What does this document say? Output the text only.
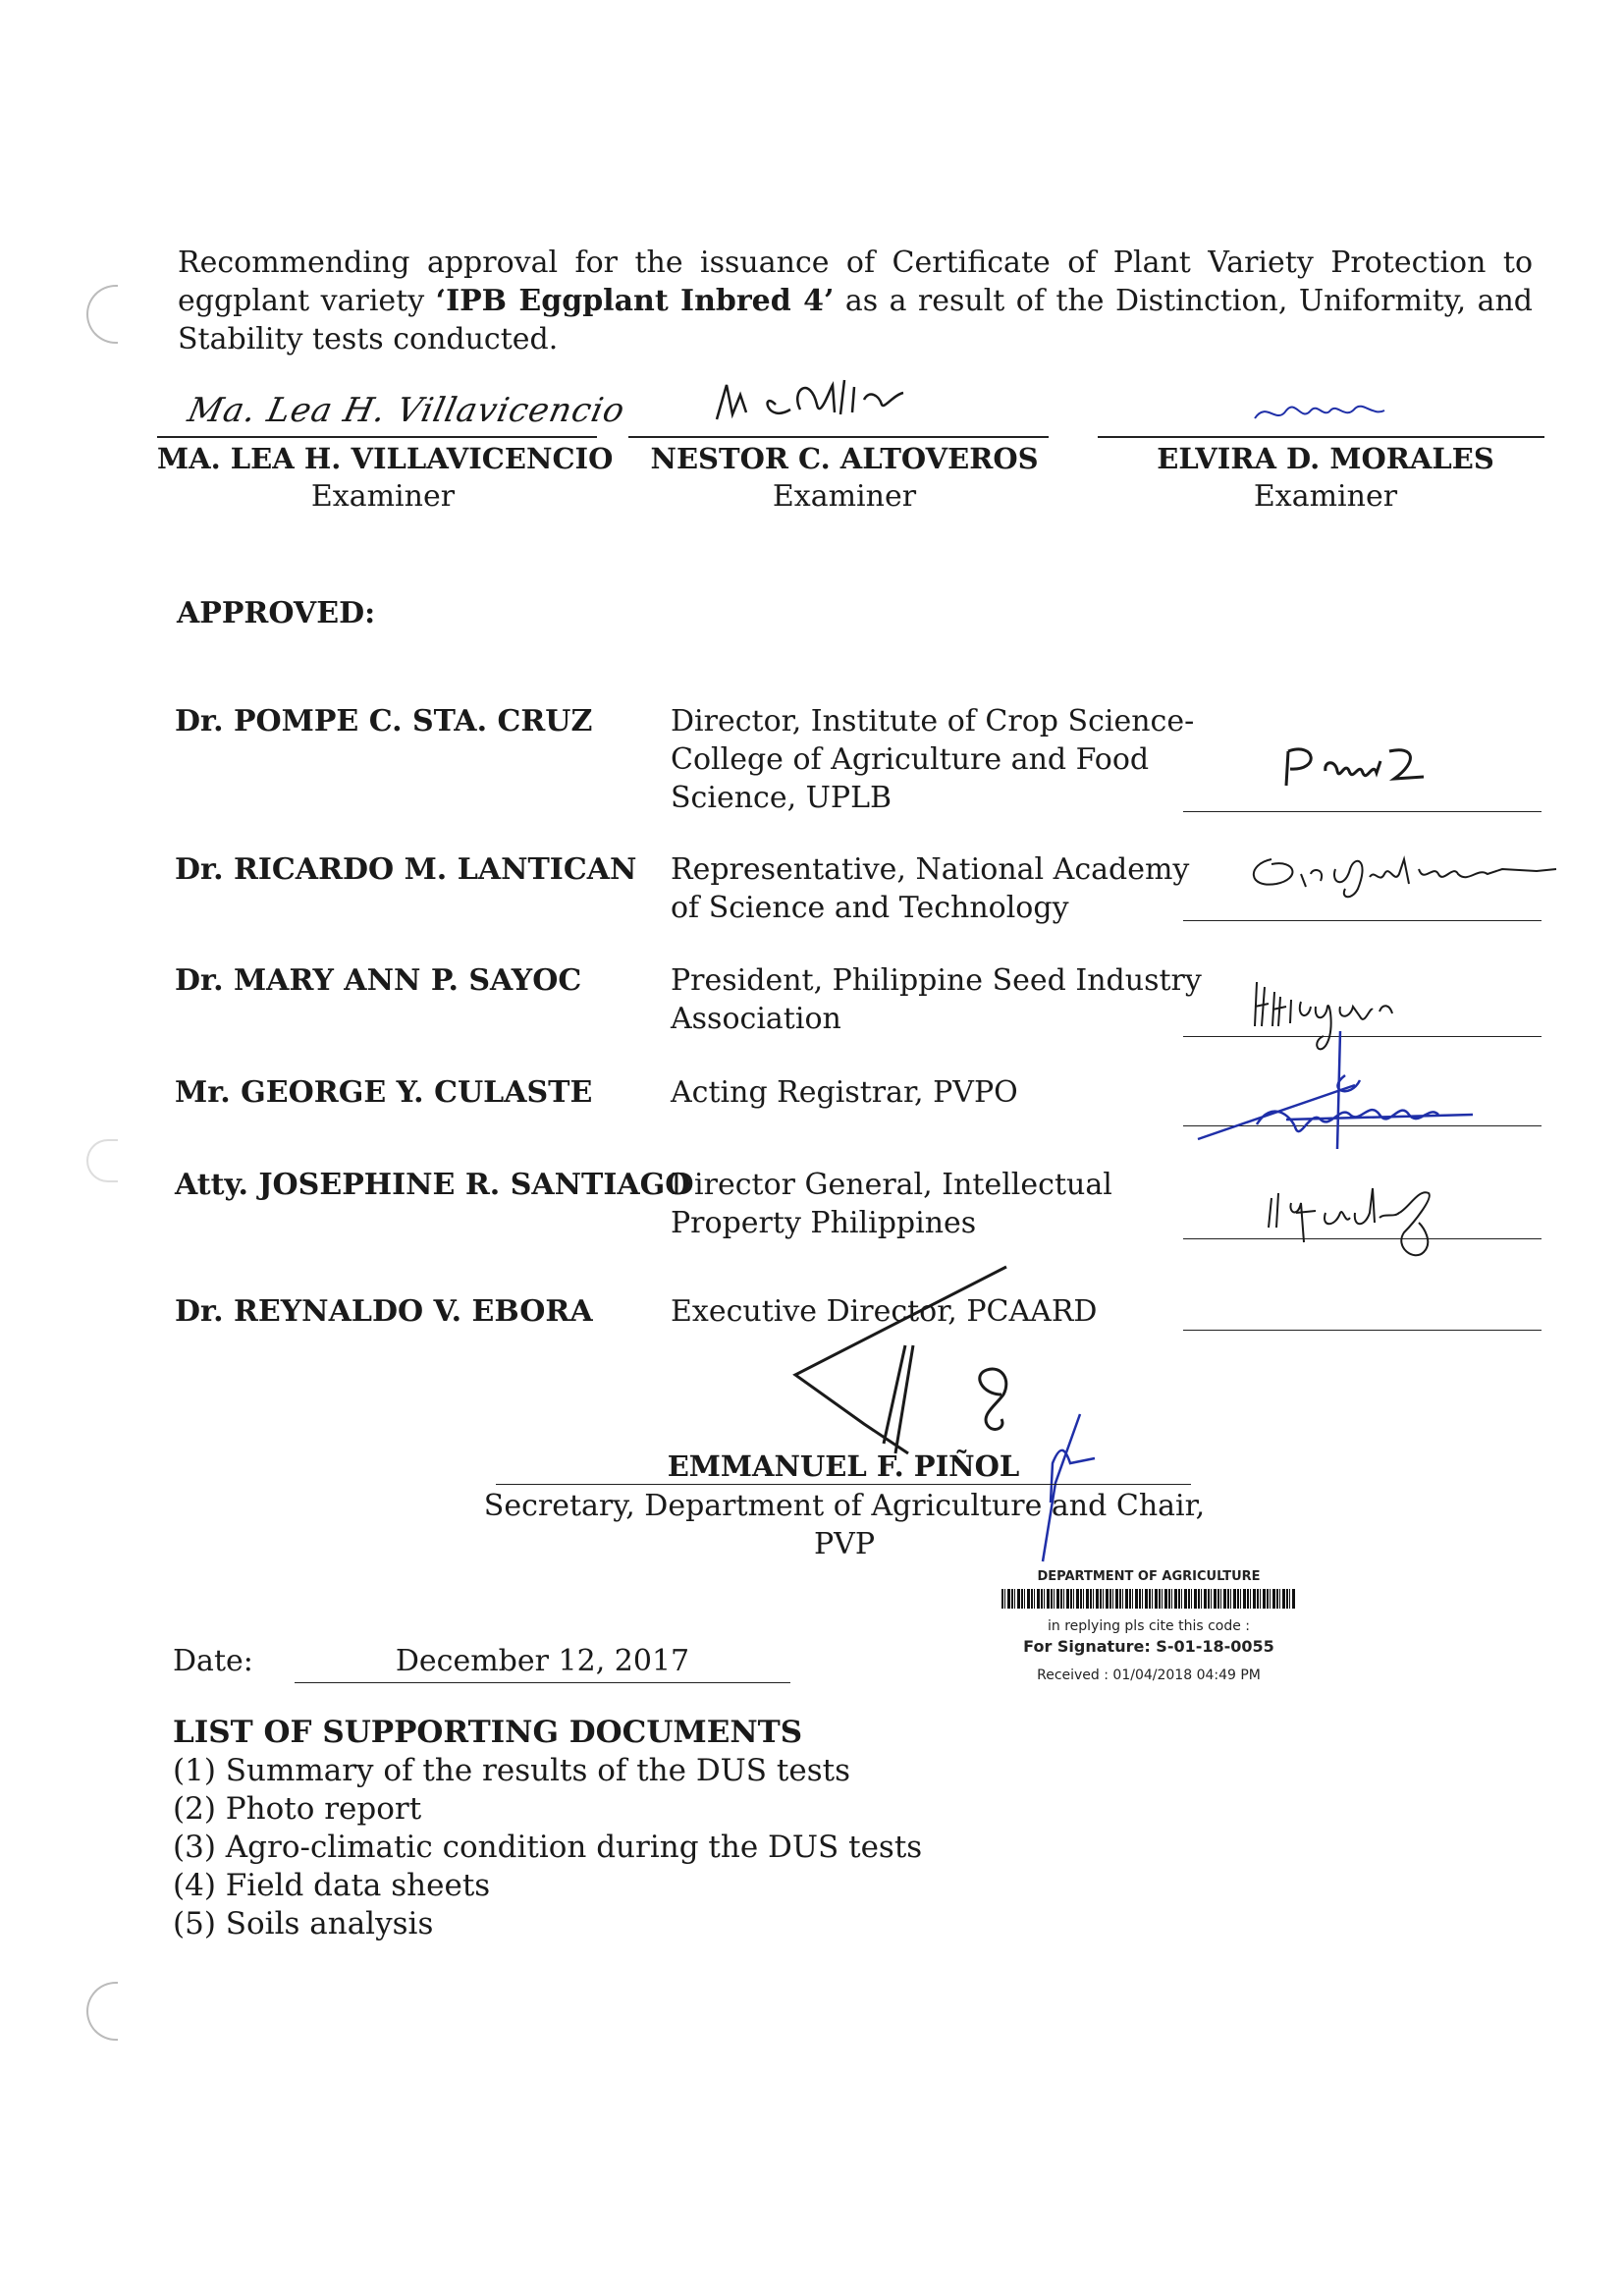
Recommending approval for the issuance of Certificate of Plant Variety Protection to eggplant variety ‘IPB Eggplant Inbred 4’ as a result of the Distinction, Uniformity, and Stability tests conducted.
Ma. Lea H. Villavicencio
MA. LEA H. VILLAVICENCIO
Examiner
NESTOR C. ALTOVEROS
Examiner
ELVIRA D. MORALES
Examiner
APPROVED:
Dr. POMPE C. STA. CRUZ	Director, Institute of Crop Science-
College of Agriculture and Food
Science, UPLB
Dr. RICARDO M. LANTICAN Representative, National Academy
of Science and Technology
Dr. MARY ANN P. SAYOC	President, Philippine Seed Industry
Association
Mr. GEORGE Y. CULASTE	Acting Registrar, PVPO
Atty. JOSEPHINE R. SANTIAGO
Director General, Intellectual
Property Philippines
Dr. REYNALDO V. EBORA	Executive Director, PCAARD
EMMANUEL F. PIÑOL
Secretary, Department of Agriculture and Chair,
PVP
DEPARTMENT OF AGRICULTURE
in replying pls cite this code :
For Signature: S-01-18-0055
Received : 01/04/2018 04:49 PM
Date:	December 12, 2017
LIST OF SUPPORTING DOCUMENTS
(1) Summary of the results of the DUS tests
(2) Photo report
(3) Agro-climatic condition during the DUS tests
(4) Field data sheets
(5) Soils analysis
